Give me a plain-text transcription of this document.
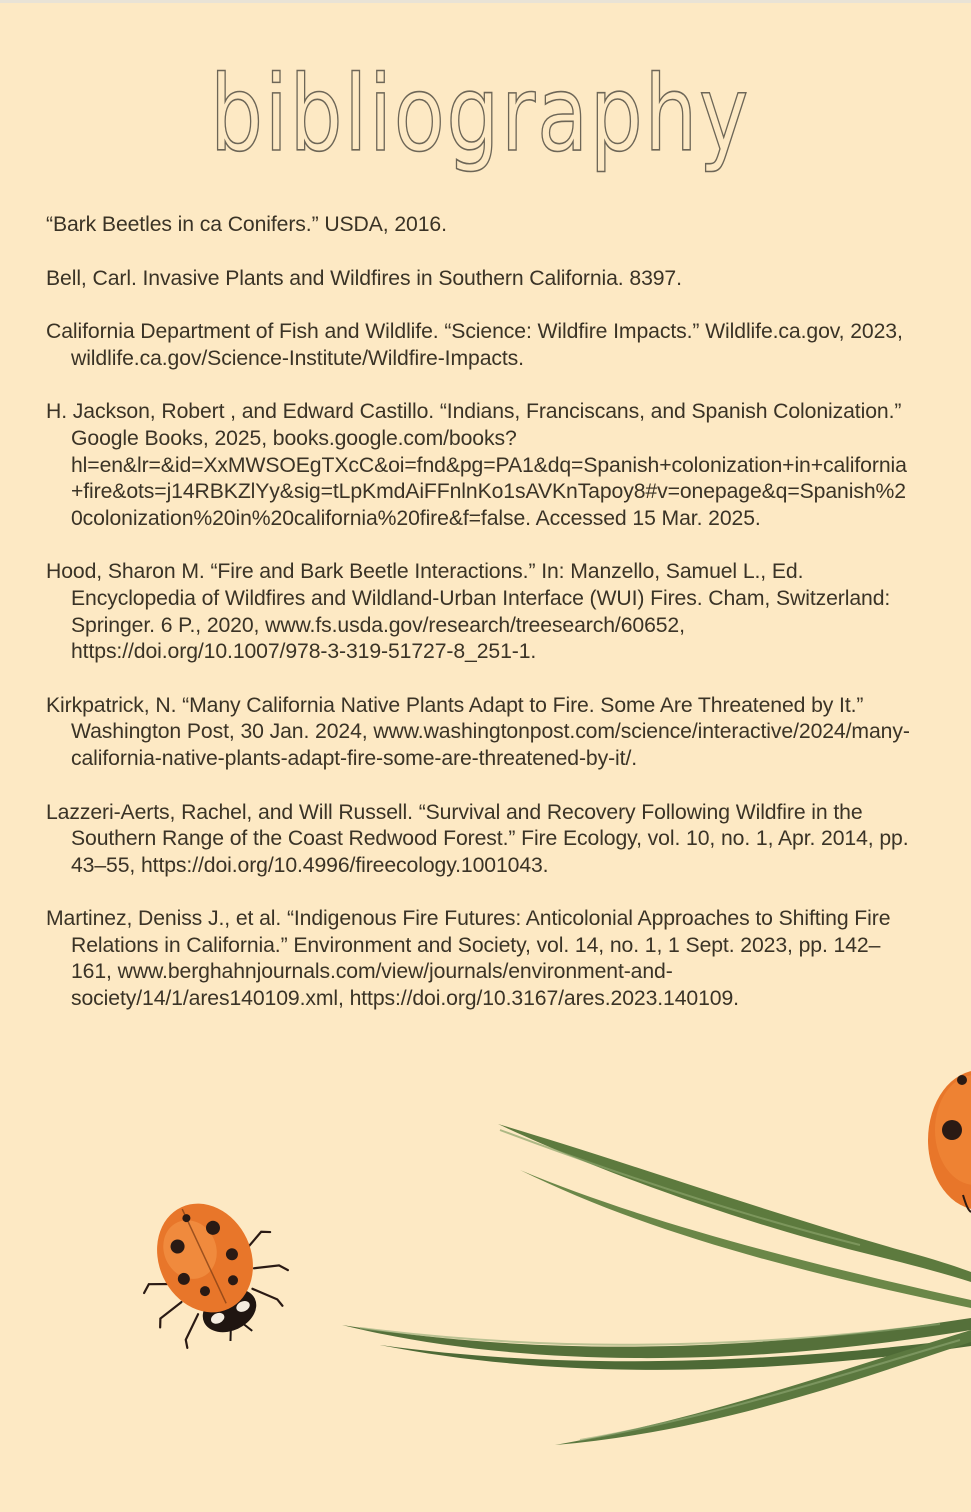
bibliography
“Bark Beetles in ca Conifers.” USDA, 2016.
Bell, Carl. Invasive Plants and Wildfires in Southern California. 8397.
California Department of Fish and Wildlife. “Science: Wildfire Impacts.” Wildlife.ca.gov, 2023, wildlife.ca.gov/Science-Institute/Wildfire-Impacts.
H. Jackson, Robert , and Edward Castillo. “Indians, Franciscans, and Spanish Colonization.” Google Books, 2025, books.google.com/books?hl=en&lr=&id=XxMWSOEgTXcC&oi=fnd&pg=PA1&dq=Spanish+colonization+in+california+fire&ots=j14RBKZlYy&sig=tLpKmdAiFFnlnKo1sAVKnTapoy8#v=onepage&q=Spanish%20colonization%20in%20california%20fire&f=false. Accessed 15 Mar. 2025.
Hood, Sharon M. “Fire and Bark Beetle Interactions.” In: Manzello, Samuel L., Ed. Encyclopedia of Wildfires and Wildland-Urban Interface (WUI) Fires. Cham, Switzerland: Springer. 6 P., 2020, www.fs.usda.gov/research/treesearch/60652, https://doi.org/10.1007/978-3-319-51727-8_251-1.
Kirkpatrick, N. “Many California Native Plants Adapt to Fire. Some Are Threatened by It.” Washington Post, 30 Jan. 2024, www.washingtonpost.com/science/interactive/2024/many-california-native-plants-adapt-fire-some-are-threatened-by-it/.
Lazzeri-Aerts, Rachel, and Will Russell. “Survival and Recovery Following Wildfire in the Southern Range of the Coast Redwood Forest.” Fire Ecology, vol. 10, no. 1, Apr. 2014, pp. 43–55, https://doi.org/10.4996/fireecology.1001043.
Martinez, Deniss J., et al. “Indigenous Fire Futures: Anticolonial Approaches to Shifting Fire Relations in California.” Environment and Society, vol. 14, no. 1, 1 Sept. 2023, pp. 142–161, www.berghahnjournals.com/view/journals/environment-and-society/14/1/ares140109.xml, https://doi.org/10.3167/ares.2023.140109.
